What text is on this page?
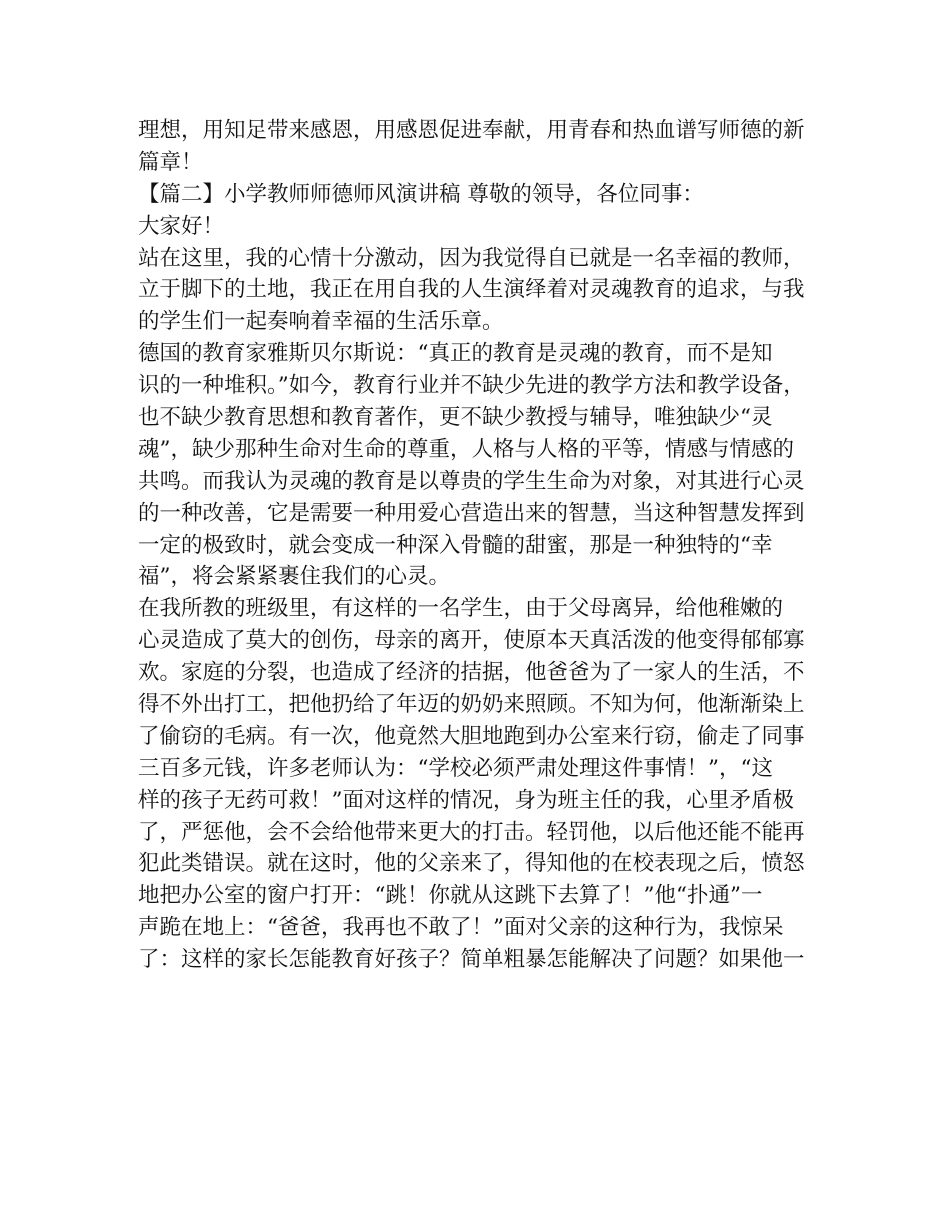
理想，用知足带来感恩，用感恩促进奉献，用青春和热血谱写师德的新
篇章！
【篇二】小学教师师德师风演讲稿 尊敬的领导，各位同事：
大家好！
站在这里，我的心情十分激动，因为我觉得自已就是一名幸福的教师，
立于脚下的土地，我正在用自我的人生演绎着对灵魂教育的追求，与我
的学生们一起奏响着幸福的生活乐章。
德国的教育家雅斯贝尔斯说：“真正的教育是灵魂的教育，而不是知
识的一种堆积。”如今，教育行业并不缺少先进的教学方法和教学设备，
也不缺少教育思想和教育著作，更不缺少教授与辅导，唯独缺少“灵
魂”，缺少那种生命对生命的尊重，人格与人格的平等，情感与情感的
共鸣。而我认为灵魂的教育是以尊贵的学生生命为对象，对其进行心灵
的一种改善，它是需要一种用爱心营造出来的智慧，当这种智慧发挥到
一定的极致时，就会变成一种深入骨髓的甜蜜，那是一种独特的“幸
福”，将会紧紧裹住我们的心灵。
在我所教的班级里，有这样的一名学生，由于父母离异，给他稚嫩的
心灵造成了莫大的创伤，母亲的离开，使原本天真活泼的他变得郁郁寡
欢。家庭的分裂，也造成了经济的拮据，他爸爸为了一家人的生活，不
得不外出打工，把他扔给了年迈的奶奶来照顾。不知为何，他渐渐染上
了偷窃的毛病。有一次，他竟然大胆地跑到办公室来行窃，偷走了同事
三百多元钱，许多老师认为：“学校必须严肃处理这件事情！”，“这
样的孩子无药可救！”面对这样的情况，身为班主任的我，心里矛盾极
了，严惩他，会不会给他带来更大的打击。轻罚他，以后他还能不能再
犯此类错误。就在这时，他的父亲来了，得知他的在校表现之后，愤怒
地把办公室的窗户打开：“跳！你就从这跳下去算了！”他“扑通”一
声跪在地上：“爸爸，我再也不敢了！”面对父亲的这种行为，我惊呆
了：这样的家长怎能教育好孩子？简单粗暴怎能解决了问题？如果他一
